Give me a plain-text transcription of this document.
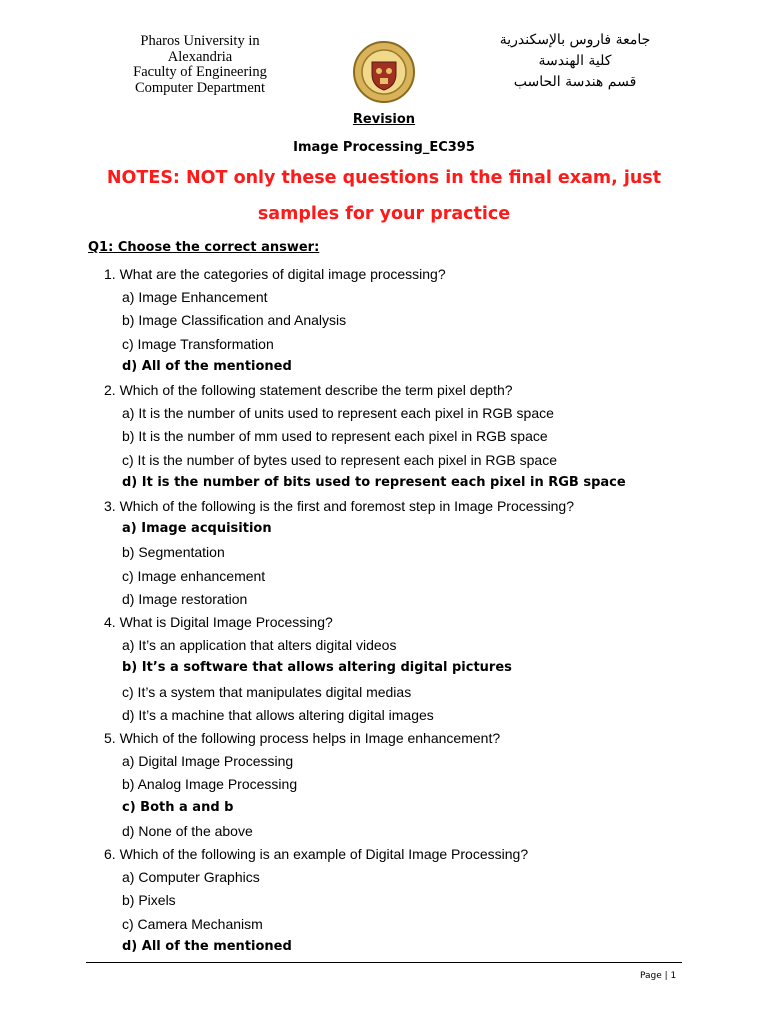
Pharos University in
Alexandria
Faculty of Engineering
Computer Department
جامعة فاروس بالإسكندرية
كلية الهندسة
قسم هندسة الحاسب
Revision
Image Processing_EC395
NOTES: NOT only these questions in the final exam, just
samples for your practice
Q1: Choose the correct answer:
1. What are the categories of digital image processing?
a) Image Enhancement
b) Image Classification and Analysis
c) Image Transformation
d) All of the mentioned
2. Which of the following statement describe the term pixel depth?
a) It is the number of units used to represent each pixel in RGB space
b) It is the number of mm used to represent each pixel in RGB space
c) It is the number of bytes used to represent each pixel in RGB space
d) It is the number of bits used to represent each pixel in RGB space
3. Which of the following is the first and foremost step in Image Processing?
a) Image acquisition
b) Segmentation
c) Image enhancement
d) Image restoration
4. What is Digital Image Processing?
a) It’s an application that alters digital videos
b) It’s a software that allows altering digital pictures
c) It’s a system that manipulates digital medias
d) It’s a machine that allows altering digital images
5. Which of the following process helps in Image enhancement?
a) Digital Image Processing
b) Analog Image Processing
c) Both a and b
d) None of the above
6. Which of the following is an example of Digital Image Processing?
a) Computer Graphics
b) Pixels
c) Camera Mechanism
d) All of the mentioned
Page | 1
